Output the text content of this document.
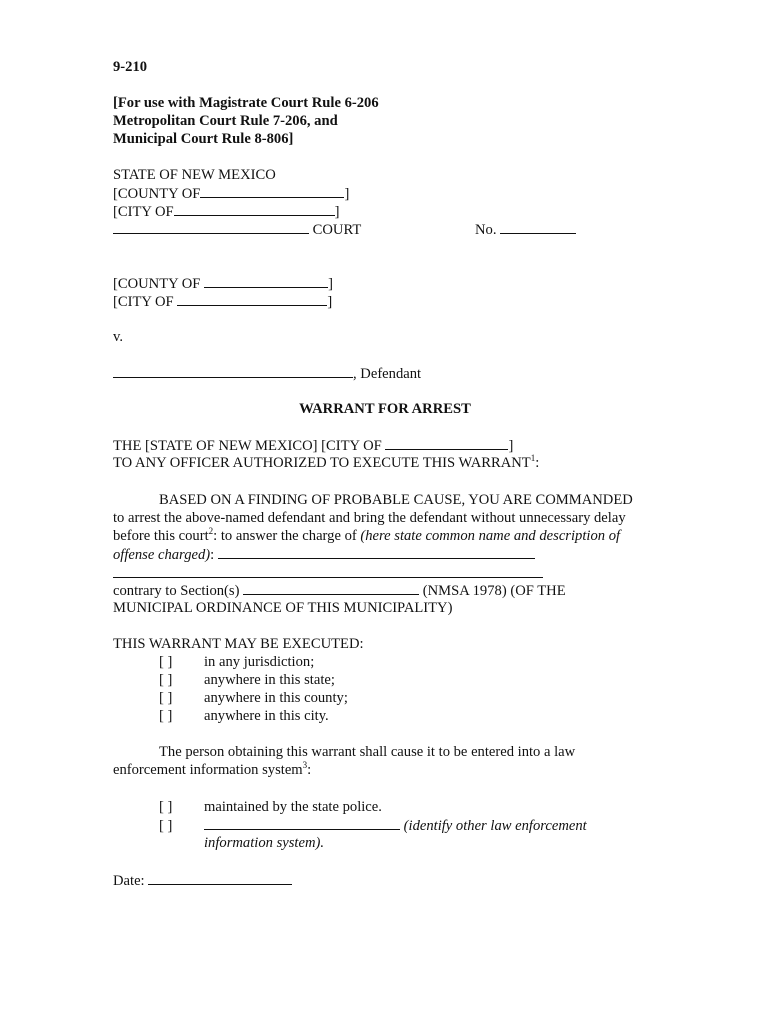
9-210
[For use with Magistrate Court Rule 6-206
Metropolitan Court Rule 7-206, and
Municipal Court Rule 8-806]
STATE OF NEW MEXICO
[COUNTY OF	]
[CITY OF	]
COURT	No.
[COUNTY OF	]
[CITY OF	]
v.
, Defendant
WARRANT FOR ARREST
THE [STATE OF NEW MEXICO] [CITY OF	]
TO ANY OFFICER AUTHORIZED TO EXECUTE THIS WARRANT$^1$:
BASED ON A FINDING OF PROBABLE CAUSE, YOU ARE COMMANDED
to arrest the above-named defendant and bring the defendant without unnecessary delay
before this court$^2$: to answer the charge of (here state common name and description of
offense charged):
contrary to Section(s)	(NMSA 1978) (OF THE
MUNICIPAL ORDINANCE OF THIS MUNICIPALITY)
THIS WARRANT MAY BE EXECUTED:
[ ] in any jurisdiction;
[ ] anywhere in this state;
[ ] anywhere in this county;
[ ] anywhere in this city.
The person obtaining this warrant shall cause it to be entered into a law
enforcement information system$^3$:
[ ] maintained by the state police.
[ ]	(identify other law enforcement
information system).
Date:
